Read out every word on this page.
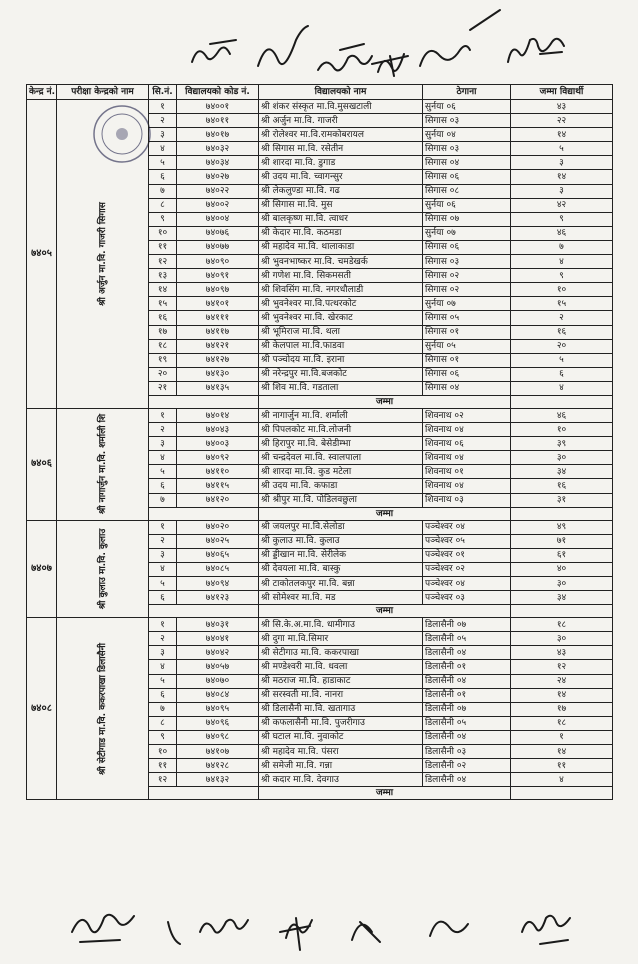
केन्द्र नं.	परीक्षा केन्द्रको नाम	सि.नं.	विद्यालयको कोड नं.	विद्यालयको नाम	ठेगाना	जम्मा विद्यार्थी	
७४०५	श्री अर्जुन मा.वि. गाजरी सिगास	१	७४००१	श्री शंकर संस्कृत मा.वि.मुसखटाली	सुर्नया ०६	४३	
		२	७४०११	श्री अर्जुन मा.वि. गाजरी	सिगास ०३	२२	
		३	७४०१७	श्री रोलेश्वर मा.वि.रामकोबरायल	सुर्नया ०४	१४	
		४	७४०३२	श्री सिगास मा.वि. रसेतीन	सिगास ०३	५	
		५	७४०३४	श्री शारदा मा.वि. डुगाड	सिगास ०४	३	
		६	७४०२७	श्री उदय मा.वि. च्वागन्सुर	सिगास ०६	१४	
		७	७४०२२	श्री लेकलुण्डा मा.वि. गढ	सिगास ०८	३	
		८	७४००२	श्री सिगास मा.वि. मुस	सुर्नया ०६	४२	
		९	७४००४	श्री बालकृष्ण मा.वि. त्वाधर	सिगास ०७	९	
		१०	७४०७६	श्री केदार मा.वि. कठमडा	सुर्नया ०७	४६	
		११	७४०७७	श्री महादेव मा.वि. थालाकाडा	सिगास ०६	७	
		१२	७४०९०	श्री भुवनभाष्कर मा.वि. चमडेखर्क	सिगास ०३	४	
		१३	७४०९१	श्री गणेश मा.वि. सिकमसती	सिगास ०२	९	
		१४	७४०९७	श्री शिवसिंग मा.वि. नगरधौलाडी	सिगास ०२	१०	
		१५	७४१०१	श्री भुवनेश्वर मा.वि.पत्थरकोट	सुर्नया ०७	१५	
		१६	७४१११	श्री भुवनेश्वर मा.वि. खेरकाट	सिगास ०५	२	
		१७	७४११७	श्री भूमिराज मा.वि. थला	सिगास ०१	१६	
		१८	७४१२१	श्री केलपाल मा.वि.फाडवा	सुर्नया ०५	२०	
		१९	७४१२७	श्री पञ्चोदय मा.वि. इराना	सिगास ०१	५	
		२०	७४१३०	श्री नरेन्द्रपुर मा.वि.बजकोट	सिगास ०६	६	
		२१	७४१३५	श्री शिव मा.वि. गडताला	सिगास ०४	४	
				जम्मा		
७४०६	श्री नागार्जुन मा.वि. शर्माली शि	१	७४०१४	श्री नागार्जुन मा.वि. शर्माली	शिवनाथ ०२	४६	
		२	७४०४३	श्री पिपलकोट मा.वि.लोजनी	शिवनाथ ०४	१०	
		३	७४००३	श्री हिरापुर मा.वि. बेसेडीम्भा	शिवनाथ ०६	३९	
		४	७४०९२	श्री चन्द्रदेवल मा.वि. स्वालपाला	शिवनाथ ०४	३०	
		५	७४११०	श्री शारदा मा.वि. कुड मटेला	शिवनाथ ०१	३४	
		६	७४११५	श्री उदय मा.वि. कफाडा	शिवनाथ ०४	१६	
		७	७४१२०	श्री श्रीपुर मा.वि. पोडिलवछुला	शिवनाथ ०३	३१	
				जम्मा		
७४०७	श्री कुलाउ मा.वि. कुलाउ	१	७४०२०	श्री जयलपुर मा.वि.सेलोडा	पञ्चेश्वर ०४	४९	
		२	७४०२५	श्री कुलाउ मा.वि. कुलाउ	पञ्चेश्वर ०५	७१	
		३	७४०६५	श्री ड्डीखान मा.वि. सेरीलेक	पञ्चेश्वर ०१	६१	
		४	७४०८५	श्री देवयला मा.वि. बास्कु	पञ्चेश्वर ०२	४०	
		५	७४०९४	श्री टाकोतलकपुर मा.वि. बन्ना	पञ्चेश्वर ०४	३०	
		६	७४१२३	श्री सोमेश्वर मा.वि. मड	पञ्चेश्वर ०३	३४	
				जम्मा		
७४०८	श्री सेटीगाड मा.वि. ककरपाखा डिलासैनी	१	७४०३१	श्री सि.के.अ.मा.वि. धामीगाउ	डिलासैनी ०७	१८	
		२	७४०४१	श्री दुगा मा.वि.सिमार	डिलासैनी ०५	३०	
		३	७४०४२	श्री सेटीगाउ मा.वि. ककरपाखा	डिलासैनी ०४	४३	
		४	७४०५७	श्री मण्डेश्वरी मा.वि. धवला	डिलासैनी ०१	१२	
		५	७४०७०	श्री मठराज मा.वि. हाडाकाट	डिलासैनी ०४	२४	
		६	७४०८४	श्री सरस्वती मा.वि. नानरा	डिलासैनी ०१	१४	
		७	७४०९५	श्री डिलासैनी मा.वि. खतागाउ	डिलासैनी ०७	१७	
		८	७४०९६	श्री कफलासैनी मा.वि. पुजरीगाउ	डिलासैनी ०५	१८	
		९	७४०९८	श्री घटाल मा.वि. नुवाकोट	डिलासैनी ०४	१	
		१०	७४१०७	श्री महादेव मा.वि. पंसरा	डिलासैनी ०३	१४	
		११	७४१२८	श्री समेजी मा.वि. गन्ना	डिलासैनी ०२	११	
		१२	७४१३२	श्री कदार मा.वि. देवगाउ	डिलासैनी ०४	४	
				जम्मा		
